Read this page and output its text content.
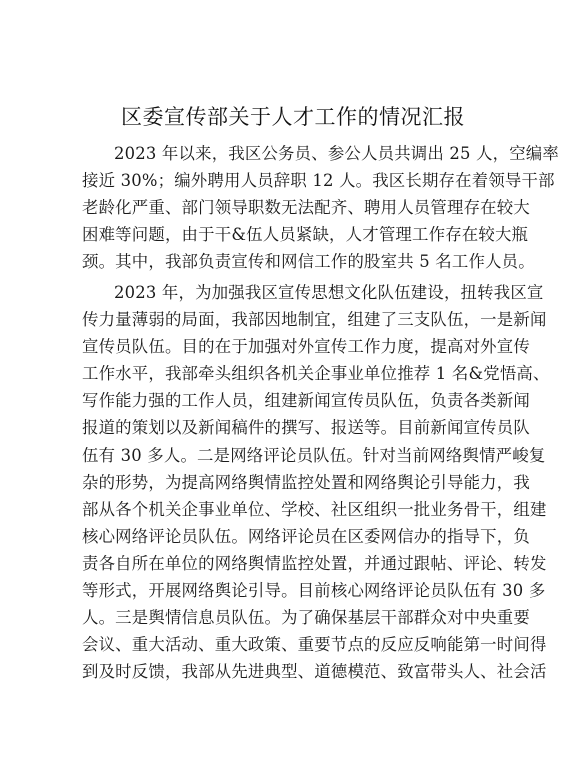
区委宣传部关于人才工作的情况汇报
2023 年以来，我区公务员、参公人员共调出 25 人，空编率
接近 30%；编外聘用人员辞职 12 人。我区长期存在着领导干部
老龄化严重、部门领导职数无法配齐、聘用人员管理存在较大
困难等问题，由于干&伍人员紧缺，人才管理工作存在较大瓶
颈。其中，我部负责宣传和网信工作的股室共 5 名工作人员。
2023 年，为加强我区宣传思想文化队伍建设，扭转我区宣
传力量薄弱的局面，我部因地制宜，组建了三支队伍，一是新闻
宣传员队伍。目的在于加强对外宣传工作力度，提高对外宣传
工作水平，我部牵头组织各机关企事业单位推荐 1 名&党悟高、
写作能力强的工作人员，组建新闻宣传员队伍，负责各类新闻
报道的策划以及新闻稿件的撰写、报送等。目前新闻宣传员队
伍有 30 多人。二是网络评论员队伍。针对当前网络舆情严峻复
杂的形势，为提高网络舆情监控处置和网络舆论引导能力，我
部从各个机关企事业单位、学校、社区组织一批业务骨干，组建
核心网络评论员队伍。网络评论员在区委网信办的指导下，负
责各自所在单位的网络舆情监控处置，并通过跟帖、评论、转发
等形式，开展网络舆论引导。目前核心网络评论员队伍有 30 多
人。三是舆情信息员队伍。为了确保基层干部群众对中央重要
会议、重大活动、重大政策、重要节点的反应反响能第一时间得
到及时反馈，我部从先进典型、道德模范、致富带头人、社会活
